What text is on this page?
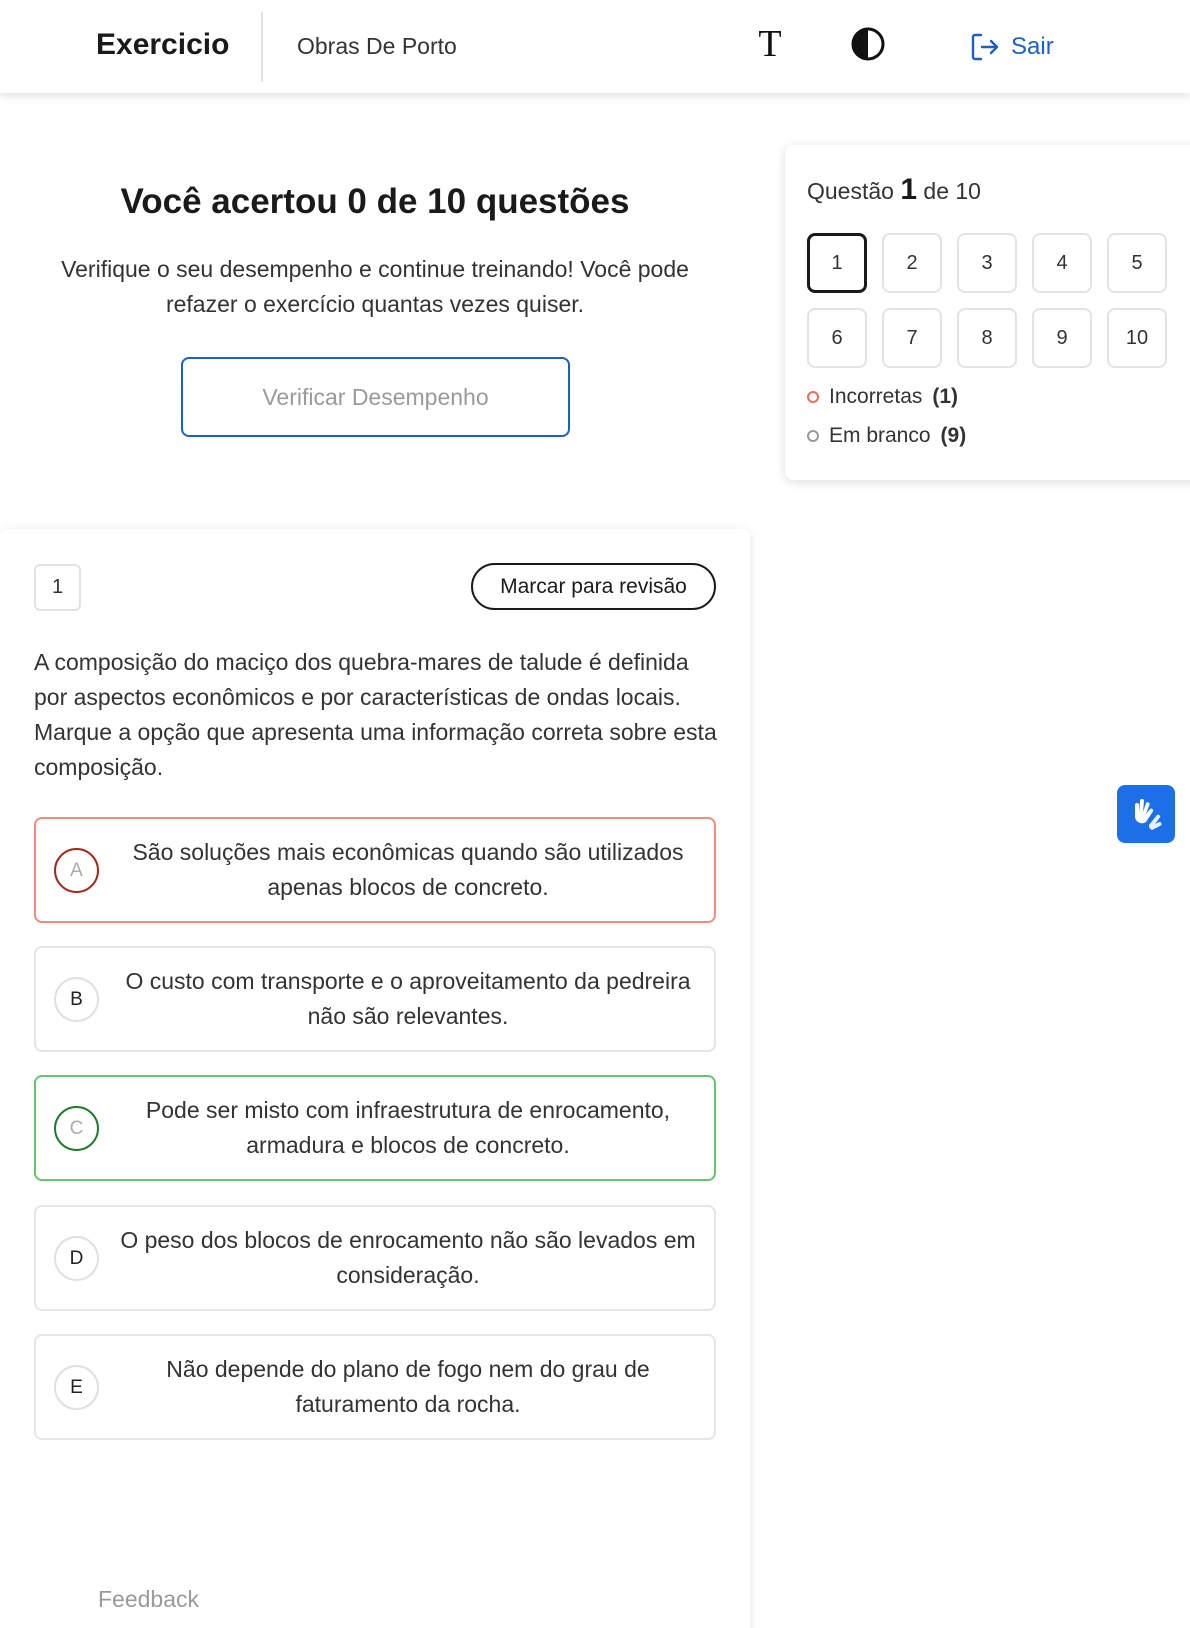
Exercicio	Obras De Porto	T	Sair
Você acertou 0 de 10 questões
Verifique o seu desempenho e continue treinando! Você pode refazer o exercício quantas vezes quiser.
Verificar Desempenho
Questão 1 de 10
1	2	3	4	5
6	7	8	9	10
Incorretas (1)
Em branco (9)
1	Marcar para revisão
A composição do maciço dos quebra-mares de talude é definida por aspectos econômicos e por características de ondas locais. Marque a opção que apresenta uma informação correta sobre esta composição.
A
São soluções mais econômicas quando são utilizados apenas blocos de concreto.
B
O custo com transporte e o aproveitamento da pedreira não são relevantes.
C
Pode ser misto com infraestrutura de enrocamento, armadura e blocos de concreto.
D
O peso dos blocos de enrocamento não são levados em consideração.
E
Não depende do plano de fogo nem do grau de faturamento da rocha.
Feedback
